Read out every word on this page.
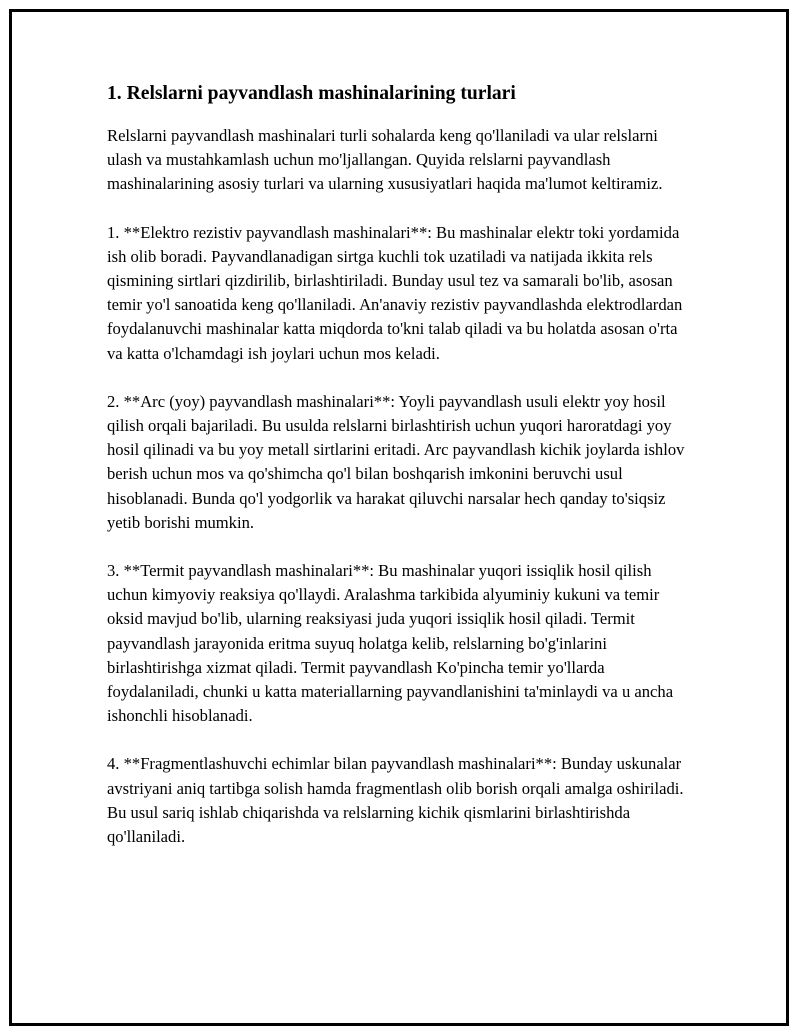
1. Relslarni payvandlash mashinalarining turlari

Relslarni payvandlash mashinalari turli sohalarda keng qo'llaniladi va ular relslarni ulash va mustahkamlash uchun mo'ljallangan. Quyida relslarni payvandlash mashinalarining asosiy turlari va ularning xususiyatlari haqida ma'lumot keltiramiz.

1. **Elektro rezistiv payvandlash mashinalari**: Bu mashinalar elektr toki yordamida ish olib boradi. Payvandlanadigan sirtga kuchli tok uzatiladi va natijada ikkita rels qismining sirtlari qizdirilib, birlashtiriladi. Bunday usul tez va samarali bo'lib, asosan temir yo'l sanoatida keng qo'llaniladi. An'anaviy rezistiv payvandlashda elektrodlardan foydalanuvchi mashinalar katta miqdorda to'kni talab qiladi va bu holatda asosan o'rta va katta o'lchamdagi ish joylari uchun mos keladi.

2. **Arc (yoy) payvandlash mashinalari**: Yoyli payvandlash usuli elektr yoy hosil qilish orqali bajariladi. Bu usulda relslarni birlashtirish uchun yuqori haroratdagi yoy hosil qilinadi va bu yoy metall sirtlarini eritadi. Arc payvandlash kichik joylarda ishlov berish uchun mos va qo'shimcha qo'l bilan boshqarish imkonini beruvchi usul hisoblanadi. Bunda qo'l yodgorlik va harakat qiluvchi narsalar hech qanday to'siqsiz yetib borishi mumkin.

3. **Termit payvandlash mashinalari**: Bu mashinalar yuqori issiqlik hosil qilish uchun kimyoviy reaksiya qo'llaydi. Aralashma tarkibida alyuminiy kukuni va temir oksid mavjud bo'lib, ularning reaksiyasi juda yuqori issiqlik hosil qiladi. Termit payvandlash jarayonida eritma suyuq holatga kelib, relslarning bo'g'inlarini birlashtirishga xizmat qiladi. Termit payvandlash Ko'pincha temir yo'llarda foydalaniladi, chunki u katta materiallarning payvandlanishini ta'minlaydi va u ancha ishonchli hisoblanadi.

4. **Fragmentlashuvchi echimlar bilan payvandlash mashinalari**: Bunday uskunalar avstriyani aniq tartibga solish hamda fragmentlash olib borish orqali amalga oshiriladi. Bu usul sariq ishlab chiqarishda va relslarning kichik qismlarini birlashtirishda qo'llaniladi.
